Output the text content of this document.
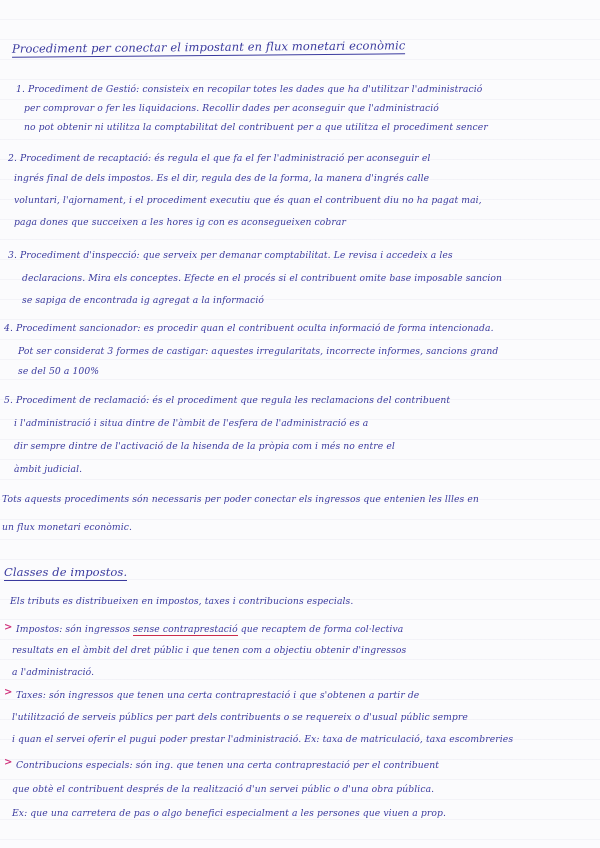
Procediment per conectar el impostant en flux monetari econòmic
1. Procediment de Gestió: consisteix en recopilar totes les dades que ha d'utilitzar l'administració
per comprovar o fer les liquidacions. Recollir dades per aconseguir que l'administració
no pot obtenir ni utilitza la comptabilitat del contribuent per a que utilitza el procediment sencer
2. Procediment de recaptació: és regula el que fa el fer l'administració per aconseguir el
ingrés final de dels impostos. Es el dir, regula des de la forma, la manera d'ingrés calle
voluntari, l'ajornament, i el procediment executiu que és quan el contribuent diu no ha pagat mai,
paga dones que succeixen a les hores ig con es aconsegueixen cobrar
3. Procediment d'inspecció: que serveix per demanar comptabilitat. Le revisa i accedeix a les
declaracions. Mira els conceptes. Efecte en el procés si el contribuent omite base imposable sancion
se sapiga de encontrada ig agregat a la informació
4. Procediment sancionador: es procedir quan el contribuent oculta informació de forma intencionada.
Pot ser considerat 3 formes de castigar: aquestes irregularitats, incorrecte informes, sancions grand
se del 50 a 100%
5. Procediment de reclamació: és el procediment que regula les reclamacions del contribuent
i l'administració i situa dintre de l'àmbit de l'esfera de l'administració es a
dir sempre dintre de l'activació de la hisenda de la pròpia com i més no entre el
àmbit judicial.
Tots aquests procediments són necessaris per poder conectar els ingressos que entenien les llles en
un flux monetari econòmic.
Classes de impostos.
Els tributs es distribueixen en impostos, taxes i contribucions especials.
> Impostos: són ingressos sense contraprestació que recaptem de forma col·lectiva
resultats en el àmbit del dret públic i que tenen com a objectiu obtenir d'ingressos
a l'administració.
> Taxes: són ingressos que tenen una certa contraprestació i que s'obtenen a partir de
l'utilització de serveis públics per part dels contribuents o se requereix o d'usual públic sempre
i quan el servei oferir el pugui poder prestar l'administració. Ex: taxa de matriculació, taxa escombreries
> Contribucions especials: són ing. que tenen una certa contraprestació per el contribuent
que obtè el contribuent després de la realització d'un servei públic o d'una obra pública.
Ex: que una carretera de pas o algo benefici especialment a les persones que viuen a prop.
